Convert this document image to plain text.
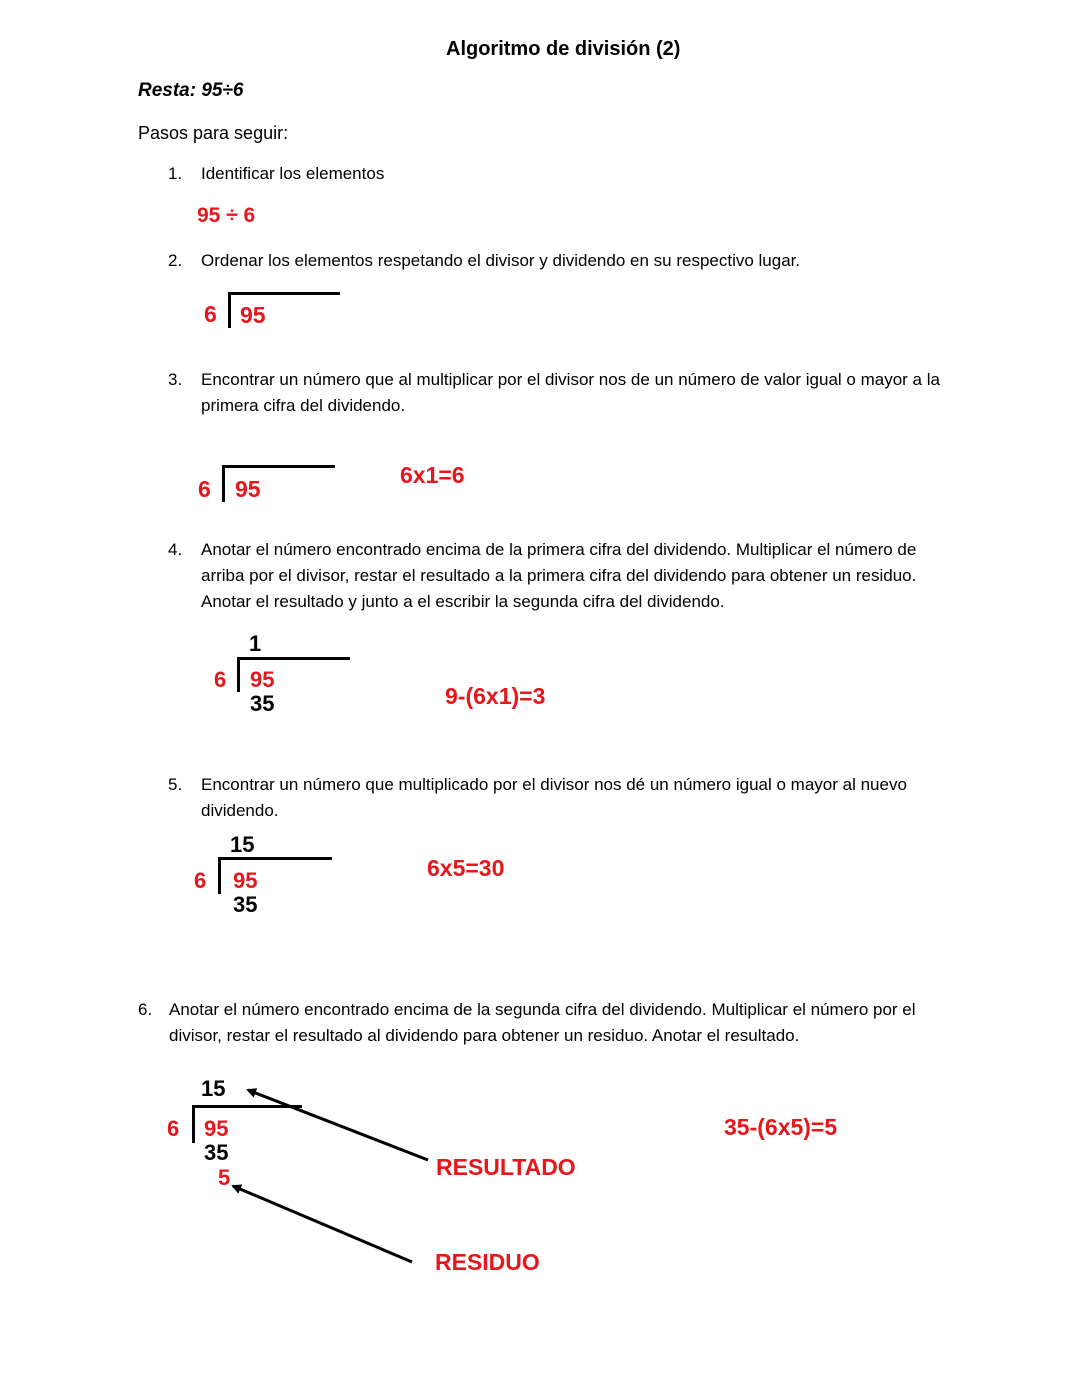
Algoritmo de división (2)
Resta: 95÷6
Pasos para seguir:
1. Identificar los elementos
95 ÷ 6
2. Ordenar los elementos respetando el divisor y dividendo en su respectivo lugar.
6 95
3. Encontrar un número que al multiplicar por el divisor nos de un número de valor igual o mayor a la
primera cifra del dividendo.
6 95
6x1=6
4. Anotar el número encontrado encima de la primera cifra del dividendo. Multiplicar el número de
arriba por el divisor, restar el resultado a la primera cifra del dividendo para obtener un residuo.
Anotar el resultado y junto a el escribir la segunda cifra del dividendo.
1
6 95
35	9-(6x1)=3
5. Encontrar un número que multiplicado por el divisor nos dé un número igual o mayor al nuevo
dividendo.
15
6 95
35
6x5=30
6. Anotar el número encontrado encima de la segunda cifra del dividendo. Multiplicar el número por el
divisor, restar el resultado al dividendo para obtener un residuo. Anotar el resultado.
15
6 95
35
5	RESULTADO
RESIDUO
35-(6x5)=5
